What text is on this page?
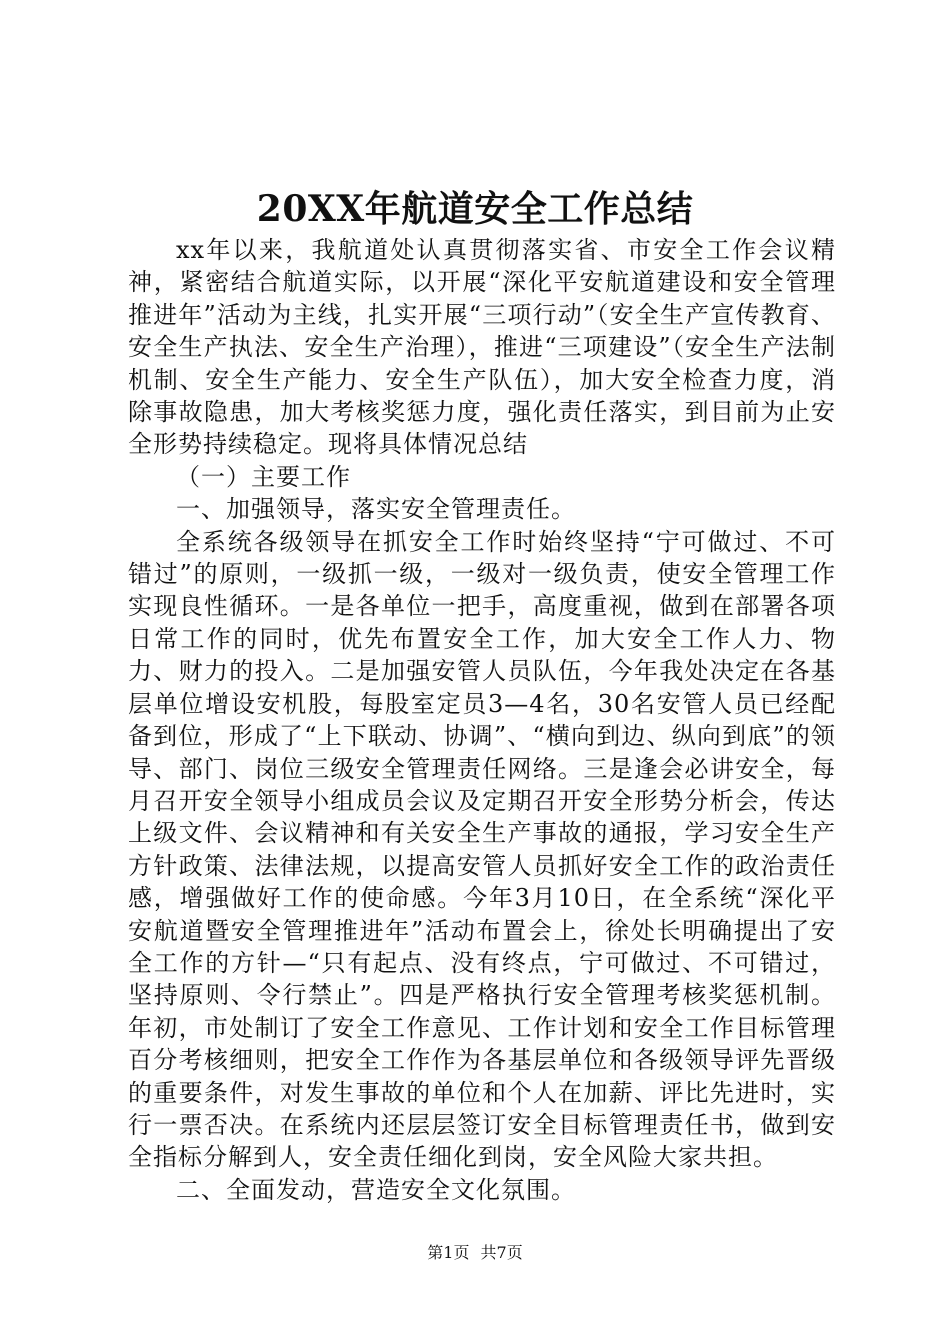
20XX年航道安全工作总结

xx年以来，我航道处认真贯彻落实省、市安全工作会议精神，紧密结合航道实际，以开展“深化平安航道建设和安全管理推进年”活动为主线，扎实开展“三项行动”（安全生产宣传教育、安全生产执法、安全生产治理），推进“三项建设”（安全生产法制机制、安全生产能力、安全生产队伍），加大安全检查力度，消除事故隐患，加大考核奖惩力度，强化责任落实，到目前为止安全形势持续稳定。现将具体情况总结

（一）主要工作

一、加强领导，落实安全管理责任。

全系统各级领导在抓安全工作时始终坚持“宁可做过、不可错过”的原则，一级抓一级，一级对一级负责，使安全管理工作实现良性循环。一是各单位一把手，高度重视，做到在部署各项日常工作的同时，优先布置安全工作，加大安全工作人力、物力、财力的投入。二是加强安管人员队伍，今年我处决定在各基层单位增设安机股，每股室定员3—4名，30名安管人员已经配备到位，形成了“上下联动、协调”、“横向到边、纵向到底”的领导、部门、岗位三级安全管理责任网络。三是逢会必讲安全，每月召开安全领导小组成员会议及定期召开安全形势分析会，传达上级文件、会议精神和有关安全生产事故的通报，学习安全生产方针政策、法律法规，以提高安管人员抓好安全工作的政治责任感，增强做好工作的使命感。今年3月10日，在全系统“深化平安航道暨安全管理推进年”活动布置会上，徐处长明确提出了安全工作的方针—“只有起点、没有终点，宁可做过、不可错过，坚持原则、令行禁止”。四是严格执行安全管理考核奖惩机制。年初，市处制订了安全工作意见、工作计划和安全工作目标管理百分考核细则，把安全工作作为各基层单位和各级领导评先晋级的重要条件，对发生事故的单位和个人在加薪、评比先进时，实行一票否决。在系统内还层层签订安全目标管理责任书，做到安全指标分解到人，安全责任细化到岗，安全风险大家共担。

二、全面发动，营造安全文化氛围。

第1页 共7页
